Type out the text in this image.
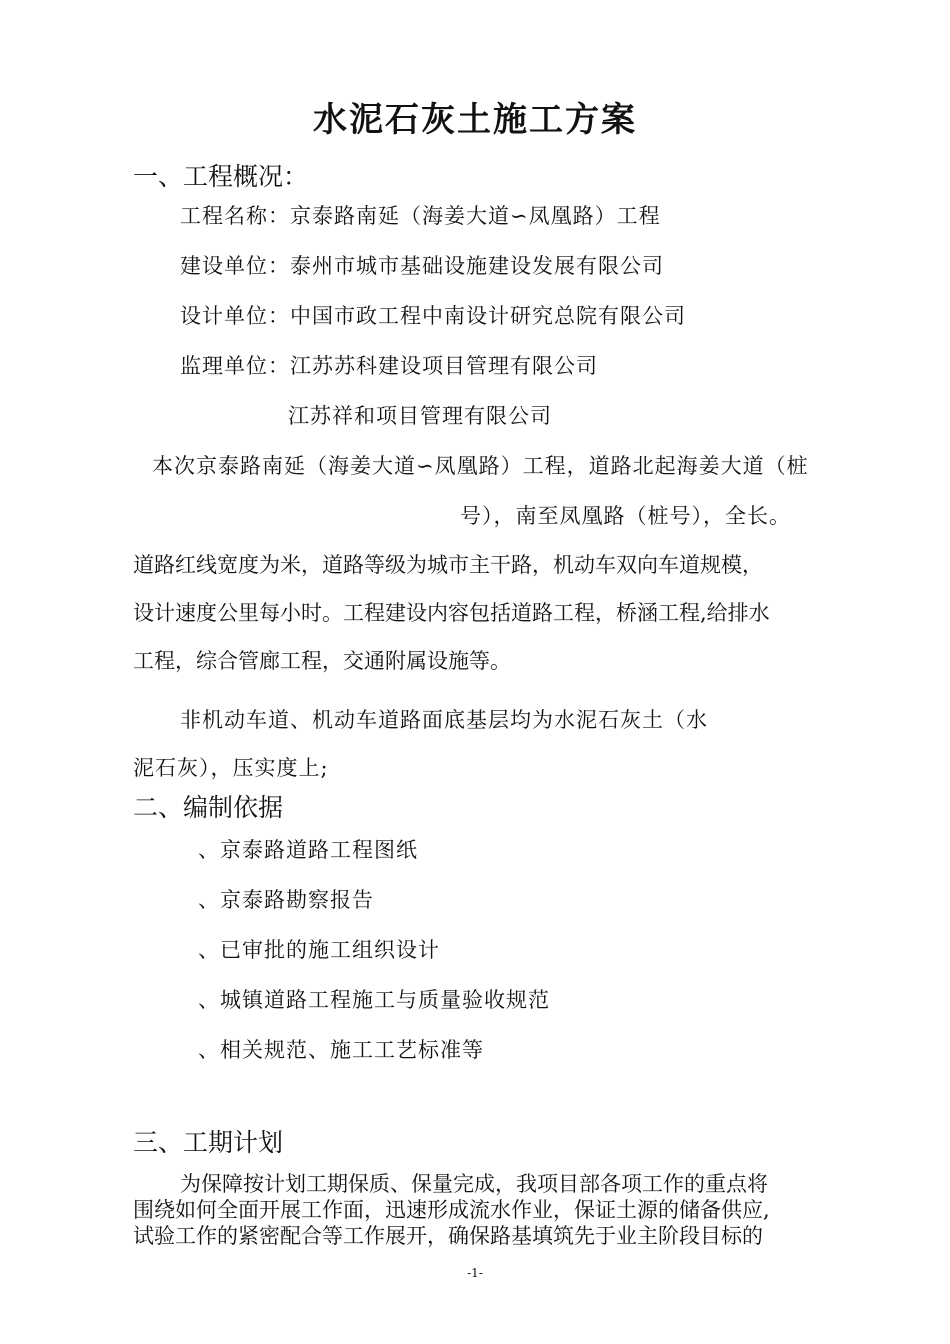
水泥石灰土施工方案
一、工程概况：
工程名称：京泰路南延（海姜大道∽凤凰路）工程
建设单位：泰州市城市基础设施建设发展有限公司
设计单位：中国市政工程中南设计研究总院有限公司
监理单位：江苏苏科建设项目管理有限公司
江苏祥和项目管理有限公司
本次京泰路南延（海姜大道∽凤凰路）工程，道路北起海姜大道（桩
号），南至凤凰路（桩号），全长。
道路红线宽度为米，道路等级为城市主干路，机动车双向车道规模，
设计速度公里每小时。工程建设内容包括道路工程，桥涵工程,给排水
工程，综合管廊工程，交通附属设施等。
非机动车道、机动车道路面底基层均为水泥石灰土（水
泥石灰），压实度上;
二、编制依据
、京泰路道路工程图纸
、京泰路勘察报告
、已审批的施工组织设计
、城镇道路工程施工与质量验收规范
、相关规范、施工工艺标准等
三、工期计划
为保障按计划工期保质、保量完成，我项目部各项工作的重点将
围绕如何全面开展工作面，迅速形成流水作业，保证土源的储备供应,
试验工作的紧密配合等工作展开，确保路基填筑先于业主阶段目标的
-1-
